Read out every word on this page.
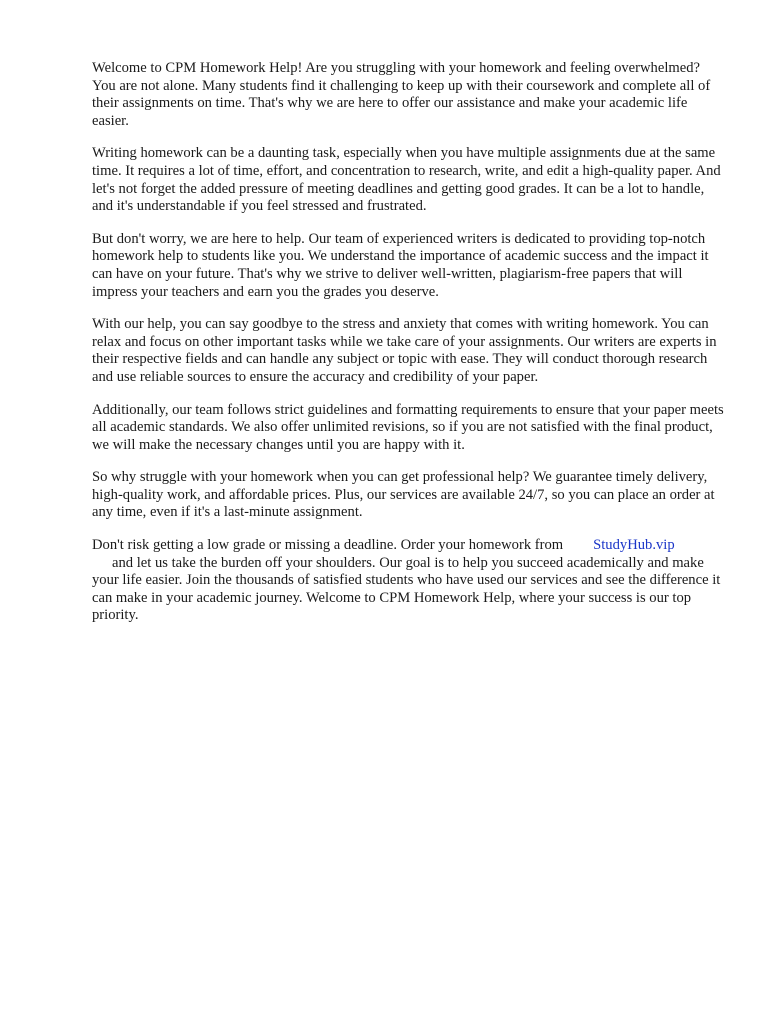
Welcome to CPM Homework Help! Are you struggling with your homework and feeling overwhelmed? You are not alone. Many students find it challenging to keep up with their coursework and complete all of their assignments on time. That's why we are here to offer our assistance and make your academic life easier.

Writing homework can be a daunting task, especially when you have multiple assignments due at the same time. It requires a lot of time, effort, and concentration to research, write, and edit a high-quality paper. And let's not forget the added pressure of meeting deadlines and getting good grades. It can be a lot to handle, and it's understandable if you feel stressed and frustrated.

But don't worry, we are here to help. Our team of experienced writers is dedicated to providing top-notch homework help to students like you. We understand the importance of academic success and the impact it can have on your future. That's why we strive to deliver well-written, plagiarism-free papers that will impress your teachers and earn you the grades you deserve.

With our help, you can say goodbye to the stress and anxiety that comes with writing homework. You can relax and focus on other important tasks while we take care of your assignments. Our writers are experts in their respective fields and can handle any subject or topic with ease. They will conduct thorough research and use reliable sources to ensure the accuracy and credibility of your paper.

Additionally, our team follows strict guidelines and formatting requirements to ensure that your paper meets all academic standards. We also offer unlimited revisions, so if you are not satisfied with the final product, we will make the necessary changes until you are happy with it.

So why struggle with your homework when you can get professional help? We guarantee timely delivery, high-quality work, and affordable prices. Plus, our services are available 24/7, so you can place an order at any time, even if it's a last-minute assignment.

Don't risk getting a low grade or missing a deadline. Order your homework from StudyHub.vip
and let us take the burden off your shoulders. Our goal is to help you succeed academically and make your life easier. Join the thousands of satisfied students who have used our services and see the difference it can make in your academic journey. Welcome to CPM Homework Help, where your success is our top priority.
